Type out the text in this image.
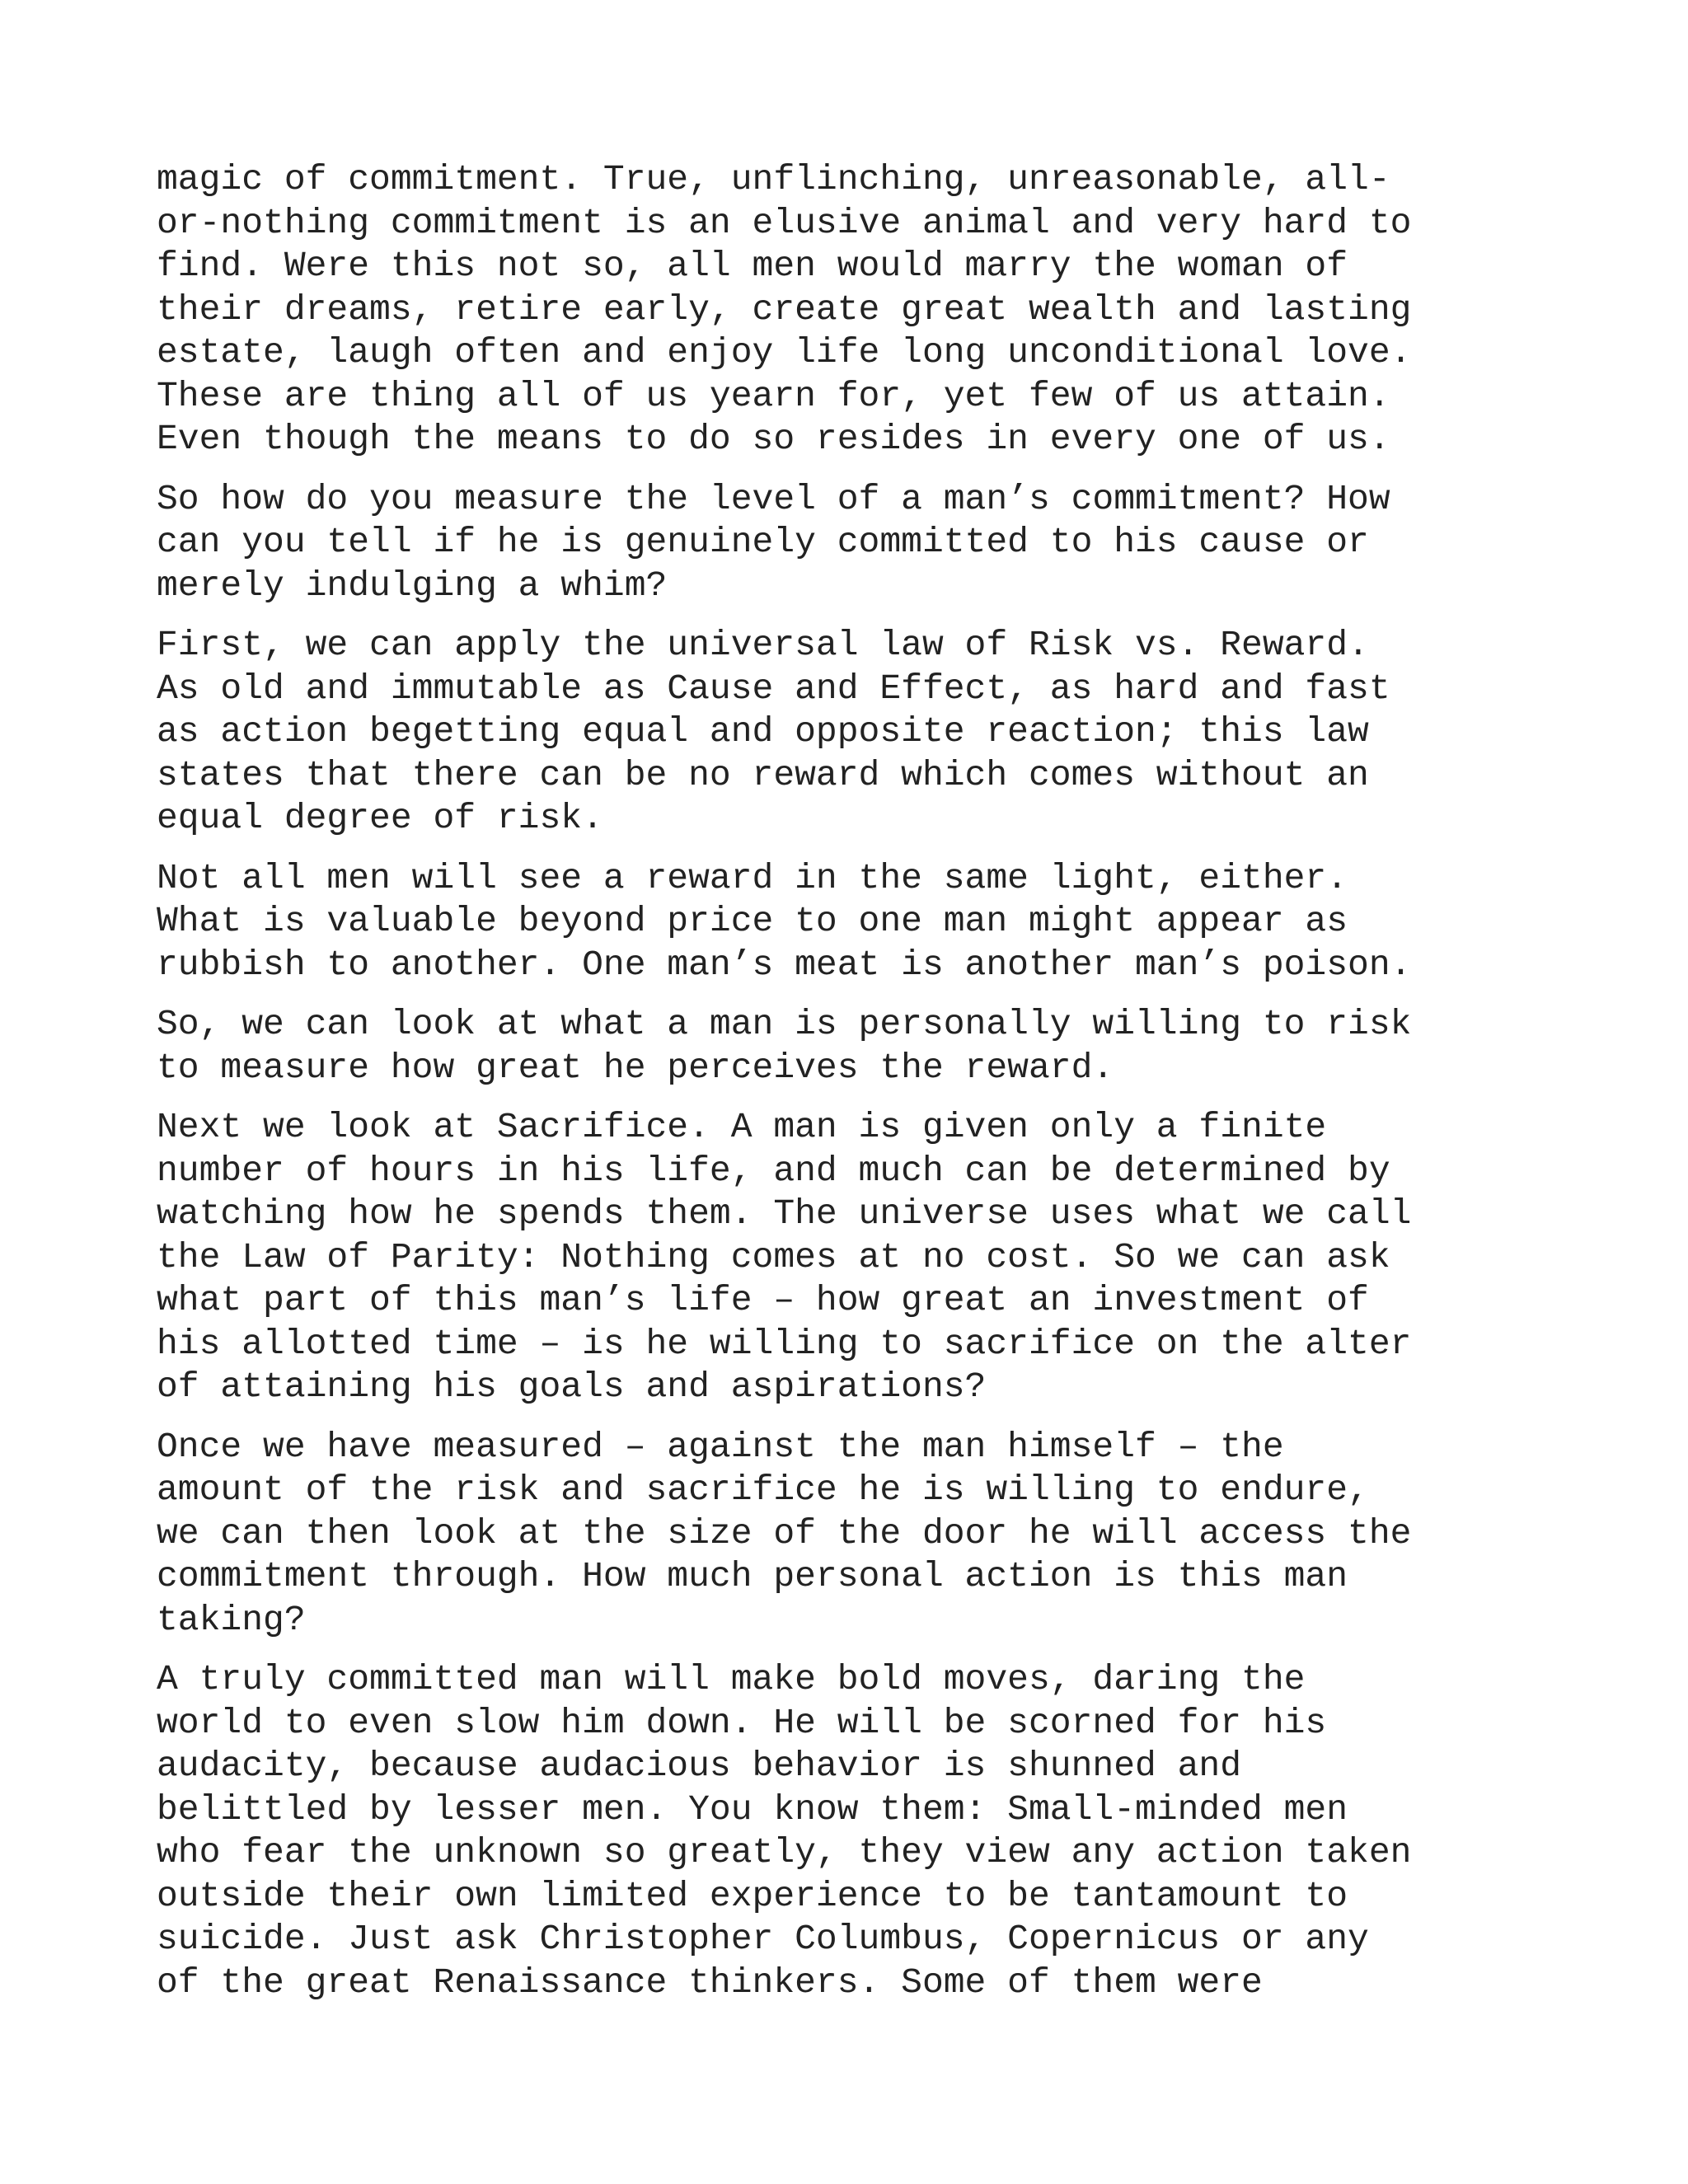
magic of commitment. True, unflinching, unreasonable, all-
or-nothing commitment is an elusive animal and very hard to
find. Were this not so, all men would marry the woman of
their dreams, retire early, create great wealth and lasting
estate, laugh often and enjoy life long unconditional love.
These are thing all of us yearn for, yet few of us attain.
Even though the means to do so resides in every one of us.

So how do you measure the level of a man’s commitment? How
can you tell if he is genuinely committed to his cause or
merely indulging a whim?

First, we can apply the universal law of Risk vs. Reward.
As old and immutable as Cause and Effect, as hard and fast
as action begetting equal and opposite reaction; this law
states that there can be no reward which comes without an
equal degree of risk.

Not all men will see a reward in the same light, either.
What is valuable beyond price to one man might appear as
rubbish to another. One man’s meat is another man’s poison.

So, we can look at what a man is personally willing to risk
to measure how great he perceives the reward.

Next we look at Sacrifice. A man is given only a finite
number of hours in his life, and much can be determined by
watching how he spends them. The universe uses what we call
the Law of Parity: Nothing comes at no cost. So we can ask
what part of this man’s life – how great an investment of
his allotted time – is he willing to sacrifice on the alter
of attaining his goals and aspirations?

Once we have measured – against the man himself – the
amount of the risk and sacrifice he is willing to endure,
we can then look at the size of the door he will access the
commitment through. How much personal action is this man
taking?

A truly committed man will make bold moves, daring the
world to even slow him down. He will be scorned for his
audacity, because audacious behavior is shunned and
belittled by lesser men. You know them: Small-minded men
who fear the unknown so greatly, they view any action taken
outside their own limited experience to be tantamount to
suicide. Just ask Christopher Columbus, Copernicus or any
of the great Renaissance thinkers. Some of them were
